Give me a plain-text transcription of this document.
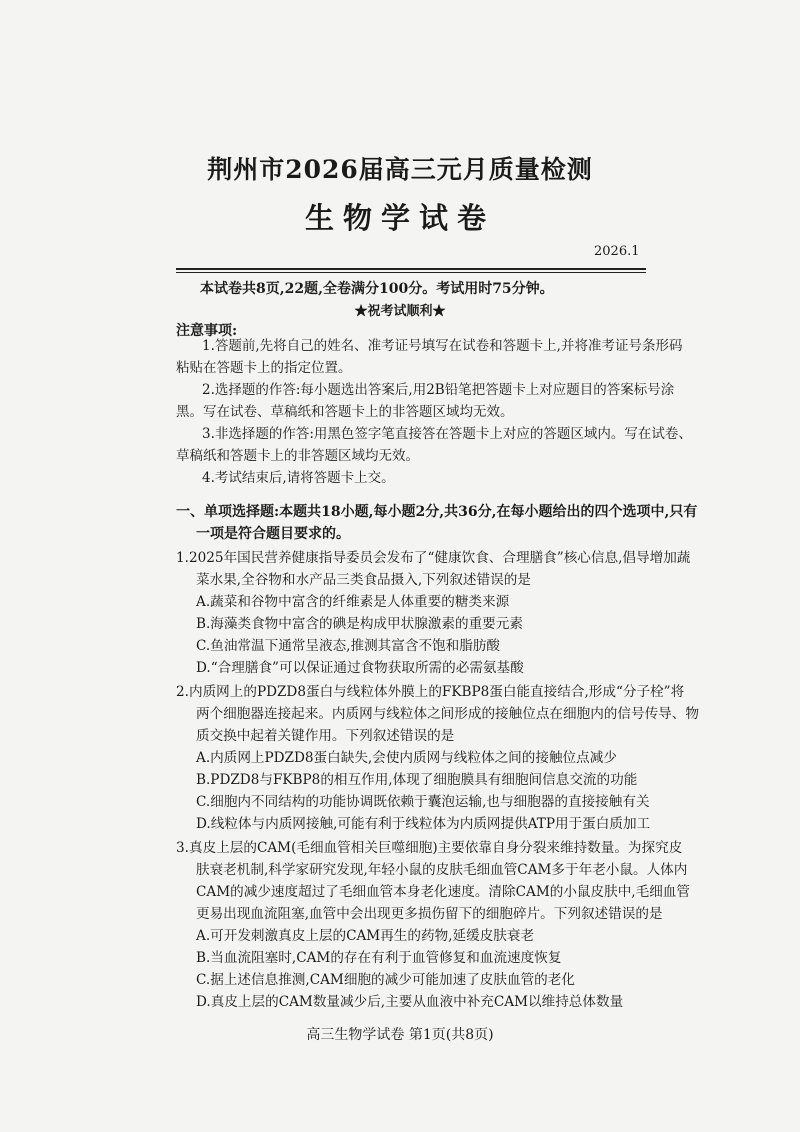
荆州市2026届高三元月质量检测
生物学试卷
2026.1
本试卷共8页,22题,全卷满分100分。考试用时75分钟。
★祝考试顺利★
注意事项:
1.答题前,先将自己的姓名、准考证号填写在试卷和答题卡上,并将准考证号条形码
粘贴在答题卡上的指定位置。
2.选择题的作答:每小题选出答案后,用2B铅笔把答题卡上对应题目的答案标号涂
黑。写在试卷、草稿纸和答题卡上的非答题区域均无效。
3.非选择题的作答:用黑色签字笔直接答在答题卡上对应的答题区域内。写在试卷、
草稿纸和答题卡上的非答题区域均无效。
4.考试结束后,请将答题卡上交。
一、单项选择题:本题共18小题,每小题2分,共36分,在每小题给出的四个选项中,只有
一项是符合题目要求的。
1.2025年国民营养健康指导委员会发布了“健康饮食、合理膳食”核心信息,倡导增加蔬
菜水果,全谷物和水产品三类食品摄入,下列叙述错误的是
A.蔬菜和谷物中富含的纤维素是人体重要的糖类来源
B.海藻类食物中富含的碘是构成甲状腺激素的重要元素
C.鱼油常温下通常呈液态,推测其富含不饱和脂肪酸
D.“合理膳食”可以保证通过食物获取所需的必需氨基酸
2.内质网上的PDZD8蛋白与线粒体外膜上的FKBP8蛋白能直接结合,形成“分子栓”将
两个细胞器连接起来。内质网与线粒体之间形成的接触位点在细胞内的信号传导、物
质交换中起着关键作用。下列叙述错误的是
A.内质网上PDZD8蛋白缺失,会使内质网与线粒体之间的接触位点减少
B.PDZD8与FKBP8的相互作用,体现了细胞膜具有细胞间信息交流的功能
C.细胞内不同结构的功能协调既依赖于囊泡运输,也与细胞器的直接接触有关
D.线粒体与内质网接触,可能有利于线粒体为内质网提供ATP用于蛋白质加工
3.真皮上层的CAM(毛细血管相关巨噬细胞)主要依靠自身分裂来维持数量。为探究皮
肤衰老机制,科学家研究发现,年轻小鼠的皮肤毛细血管CAM多于年老小鼠。人体内
CAM的减少速度超过了毛细血管本身老化速度。清除CAM的小鼠皮肤中,毛细血管
更易出现血流阻塞,血管中会出现更多损伤留下的细胞碎片。下列叙述错误的是
A.可开发刺激真皮上层的CAM再生的药物,延缓皮肤衰老
B.当血流阻塞时,CAM的存在有利于血管修复和血流速度恢复
C.据上述信息推测,CAM细胞的减少可能加速了皮肤血管的老化
D.真皮上层的CAM数量减少后,主要从血液中补充CAM以维持总体数量
高三生物学试卷 第1页(共8页)
